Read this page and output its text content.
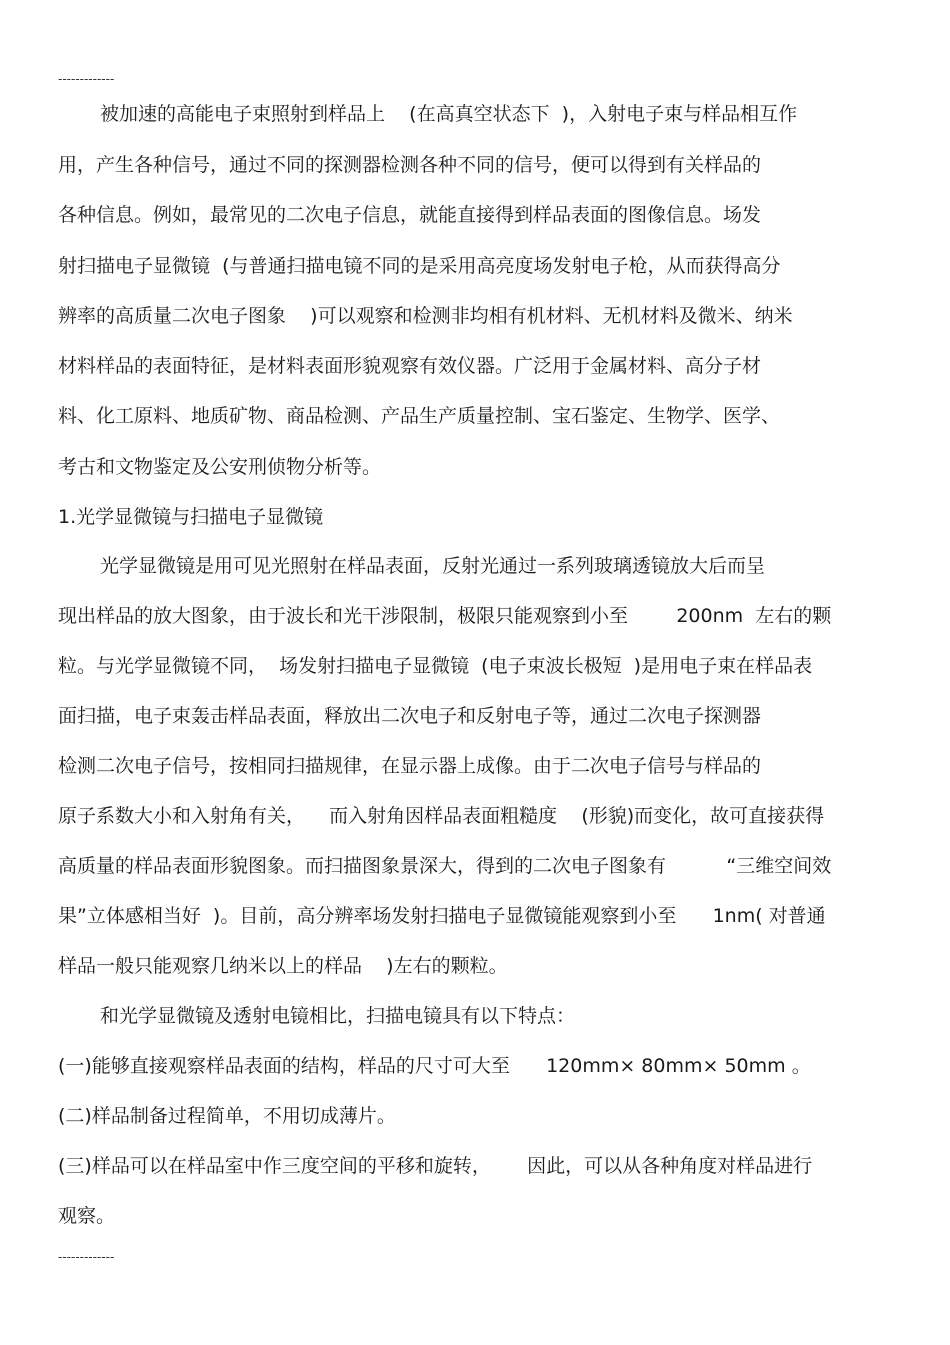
-------------
被加速的高能电子束照射到样品上    (在高真空状态下  )，入射电子束与样品相互作
用，产生各种信号，通过不同的探测器检测各种不同的信号，便可以得到有关样品的
各种信息。例如，最常见的二次电子信息，就能直接得到样品表面的图像信息。场发
射扫描电子显微镜  (与普通扫描电镜不同的是采用高亮度场发射电子枪，从而获得高分
辨率的高质量二次电子图象    )可以观察和检测非均相有机材料、无机材料及微米、纳米
材料样品的表面特征，是材料表面形貌观察有效仪器。广泛用于金属材料、高分子材
料、化工原料、地质矿物、商品检测、产品生产质量控制、宝石鉴定、生物学、医学、
考古和文物鉴定及公安刑侦物分析等。
1.光学显微镜与扫描电子显微镜
光学显微镜是用可见光照射在样品表面，反射光通过一系列玻璃透镜放大后而呈
现出样品的放大图象，由于波长和光干涉限制，极限只能观察到小至        200nm  左右的颗
粒。与光学显微镜不同，  场发射扫描电子显微镜  (电子束波长极短  )是用电子束在样品表
面扫描，电子束轰击样品表面，释放出二次电子和反射电子等，通过二次电子探测器
检测二次电子信号，按相同扫描规律，在显示器上成像。由于二次电子信号与样品的
原子系数大小和入射角有关，    而入射角因样品表面粗糙度    (形貌)而变化，故可直接获得
高质量的样品表面形貌图象。而扫描图象景深大，得到的二次电子图象有          “三维空间效
果”立体感相当好  )。目前，高分辨率场发射扫描电子显微镜能观察到小至      1nm( 对普通
样品一般只能观察几纳米以上的样品    )左右的颗粒。
和光学显微镜及透射电镜相比，扫描电镜具有以下特点：
(一)能够直接观察样品表面的结构，样品的尺寸可大至      120mm× 80mm× 50mm 。
(二)样品制备过程简单，不用切成薄片。
(三)样品可以在样品室中作三度空间的平移和旋转，      因此，可以从各种角度对样品进行
观察。
-------------
